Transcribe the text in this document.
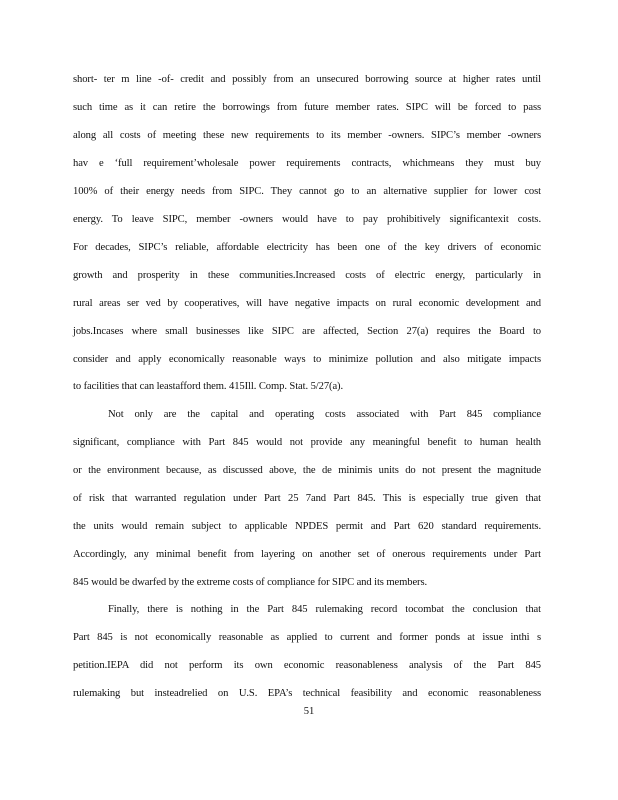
short- ter m line -of- credit and possibly from an unsecured borrowing source at higher rates until
such time as it can retire the borrowings from future member rates. SIPC will be forced to pass
along all costs of meeting these new requirements to its member -owners. SIPC’s member -owners
hav e ‘full requirement’wholesale power requirements contracts, whichmeans they must buy
100% of their energy needs from SIPC. They cannot go to an alternative supplier for lower cost
energy. To leave SIPC, member -owners would have to pay prohibitively significantexit costs.
For decades, SIPC’s reliable, affordable electricity has been one of the key drivers of economic
growth and prosperity in these communities.Increased costs of electric energy, particularly in
rural areas ser ved by cooperatives, will have negative impacts on rural economic development and
jobs.Incases where small businesses like SIPC are affected, Section 27(a) requires the Board to
consider and apply economically reasonable ways to minimize pollution and also mitigate impacts
to facilities that can leastafford them. 415Ill. Comp. Stat. 5/27(a).
Not only are the capital and operating costs associated with Part 845 compliance
significant, compliance with Part 845 would not provide any meaningful benefit to human health
or the environment because, as discussed above, the de minimis units do not present the magnitude
of risk that warranted regulation under Part 25 7and Part 845. This is especially true given that
the units would remain subject to applicable NPDES permit and Part 620 standard requirements.
Accordingly, any minimal benefit from layering on another set of onerous requirements under Part
845 would be dwarfed by the extreme costs of compliance for SIPC and its members.
Finally, there is nothing in the Part 845 rulemaking record tocombat the conclusion that
Part 845 is not economically reasonable as applied to current and former ponds at issue inthi s
petition.IEPA did not perform its own economic reasonableness analysis of the Part 845
rulemaking but insteadrelied on U.S. EPA’s technical feasibility and economic reasonableness
51
